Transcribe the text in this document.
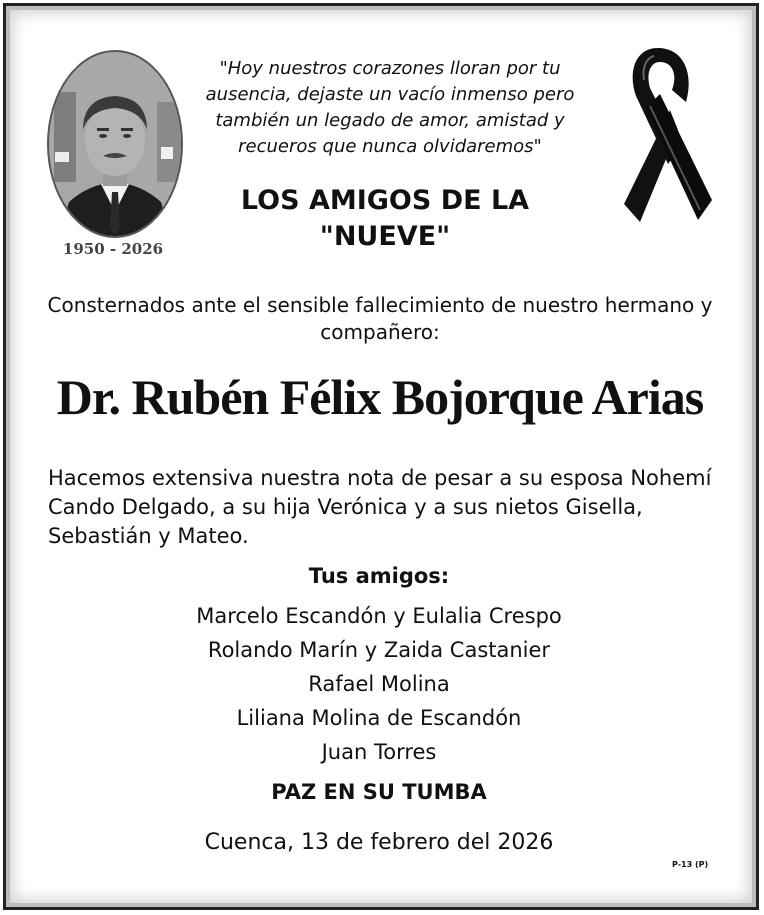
1950 - 2026
"Hoy nuestros corazones lloran por tu ausencia, dejaste un vacío inmenso pero también un legado de amor, amistad y recueros que nunca olvidaremos"
LOS AMIGOS DE LA
"NUEVE"
Consternados ante el sensible fallecimiento de nuestro hermano y compañero:
Dr. Rubén Félix Bojorque Arias
Hacemos extensiva nuestra nota de pesar a su esposa Nohemí Cando Delgado, a su hija Verónica y a sus nietos Gisella, Sebastián y Mateo.
Tus amigos:
Marcelo Escandón y Eulalia Crespo
Rolando Marín y Zaida Castanier
Rafael Molina
Liliana Molina de Escandón
Juan Torres
PAZ EN SU TUMBA
Cuenca, 13 de febrero del 2026
P-13 (P)
